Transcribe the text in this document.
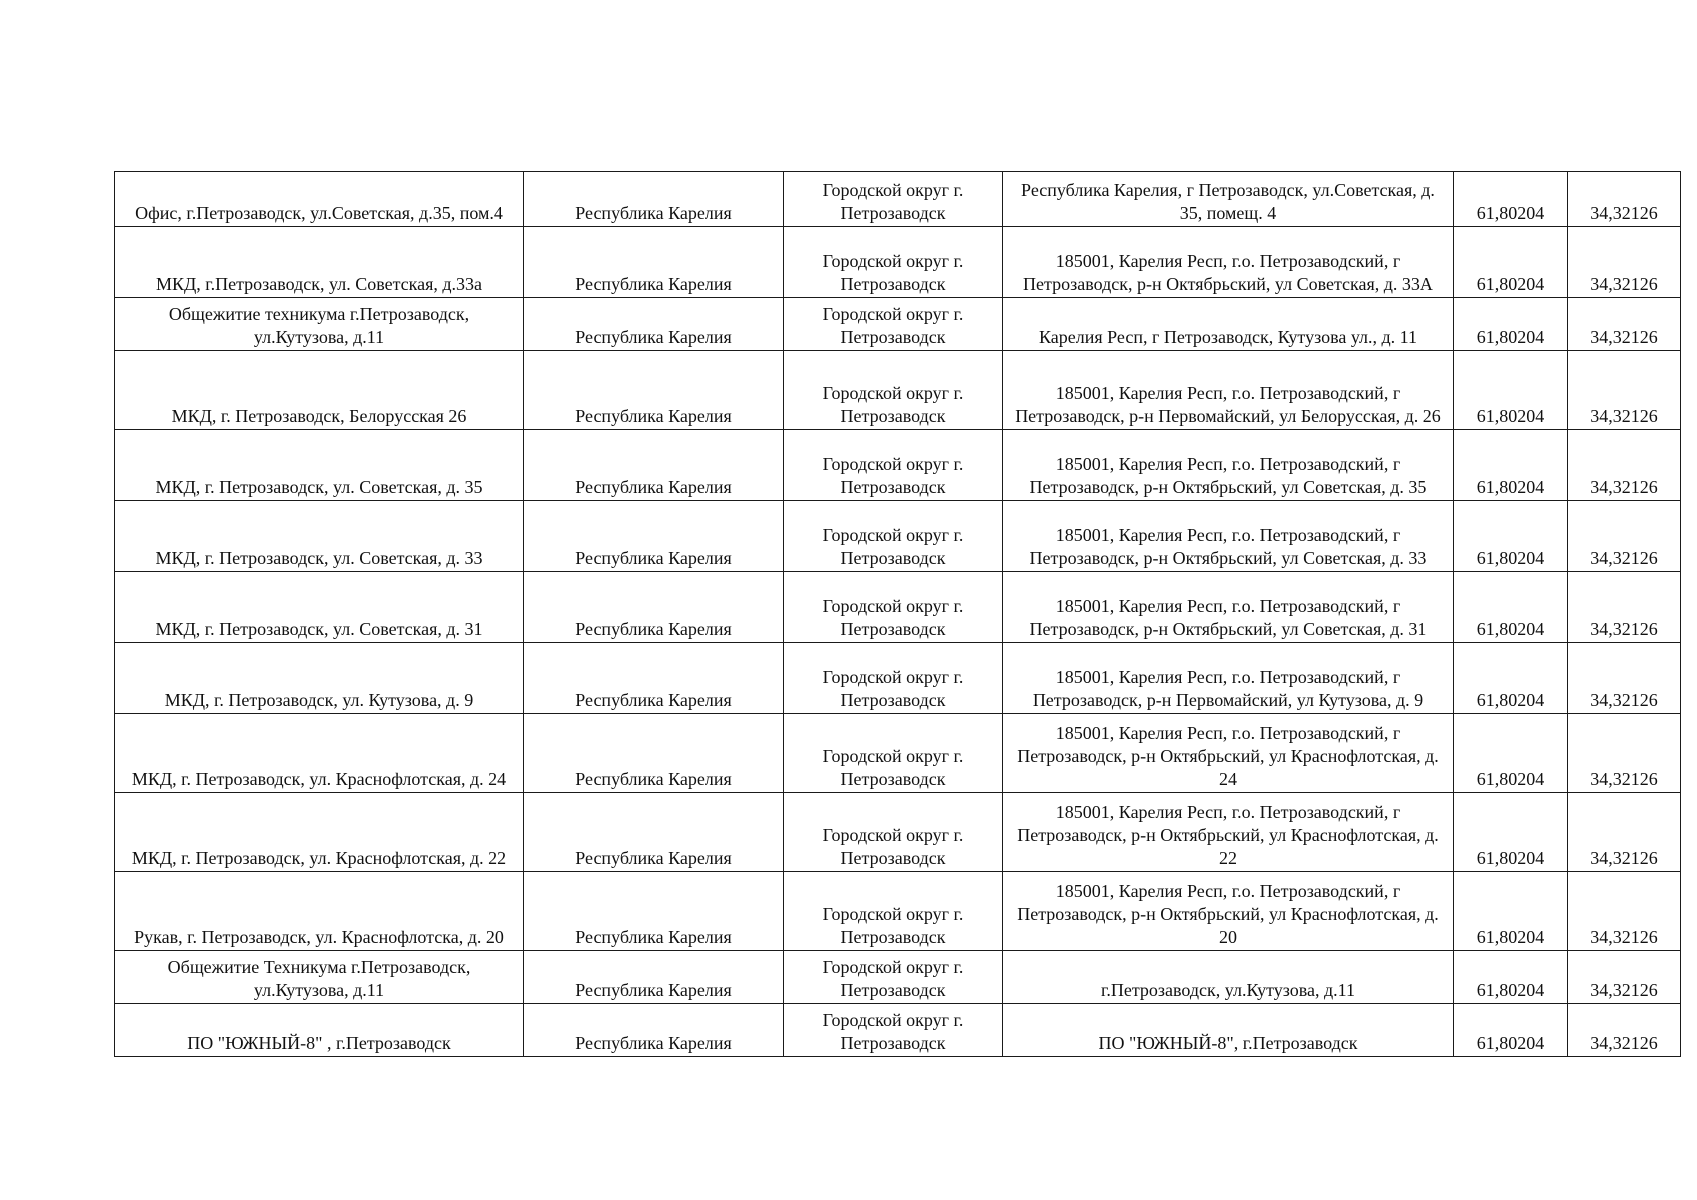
Офис, г.Петрозаводск, ул.Советская, д.35, пом.4	Республика Карелия	Городской округ г. Петрозаводск	Республика Карелия, г Петрозаводск, ул.Советская, д. 35, помещ. 4	61,80204	34,32126
МКД, г.Петрозаводск, ул. Советская, д.33а	Республика Карелия	Городской округ г. Петрозаводск	185001, Карелия Респ, г.о. Петрозаводский, г Петрозаводск, р-н Октябрьский, ул Советская, д. 33А	61,80204	34,32126
Общежитие техникума г.Петрозаводск, ул.Кутузова, д.11	Республика Карелия	Городской округ г. Петрозаводск	Карелия Респ, г Петрозаводск, Кутузова ул., д. 11	61,80204	34,32126
МКД, г. Петрозаводск, Белорусская 26	Республика Карелия	Городской округ г. Петрозаводск	185001, Карелия Респ, г.о. Петрозаводский, г Петрозаводск, р-н Первомайский, ул Белорусская, д. 26	61,80204	34,32126
МКД, г. Петрозаводск, ул. Советская, д. 35	Республика Карелия	Городской округ г. Петрозаводск	185001, Карелия Респ, г.о. Петрозаводский, г Петрозаводск, р-н Октябрьский, ул Советская, д. 35	61,80204	34,32126
МКД, г. Петрозаводск, ул. Советская, д. 33	Республика Карелия	Городской округ г. Петрозаводск	185001, Карелия Респ, г.о. Петрозаводский, г Петрозаводск, р-н Октябрьский, ул Советская, д. 33	61,80204	34,32126
МКД, г. Петрозаводск, ул. Советская, д. 31	Республика Карелия	Городской округ г. Петрозаводск	185001, Карелия Респ, г.о. Петрозаводский, г Петрозаводск, р-н Октябрьский, ул Советская, д. 31	61,80204	34,32126
МКД, г. Петрозаводск, ул. Кутузова, д. 9	Республика Карелия	Городской округ г. Петрозаводск	185001, Карелия Респ, г.о. Петрозаводский, г Петрозаводск, р-н Первомайский, ул Кутузова, д. 9	61,80204	34,32126
МКД, г. Петрозаводск, ул. Краснофлотская, д. 24	Республика Карелия	Городской округ г. Петрозаводск	185001, Карелия Респ, г.о. Петрозаводский, г Петрозаводск, р-н Октябрьский, ул Краснофлотская, д. 24	61,80204	34,32126
МКД, г. Петрозаводск, ул. Краснофлотская, д. 22	Республика Карелия	Городской округ г. Петрозаводск	185001, Карелия Респ, г.о. Петрозаводский, г Петрозаводск, р-н Октябрьский, ул Краснофлотская, д. 22	61,80204	34,32126
Рукав, г. Петрозаводск, ул. Краснофлотска, д. 20	Республика Карелия	Городской округ г. Петрозаводск	185001, Карелия Респ, г.о. Петрозаводский, г Петрозаводск, р-н Октябрьский, ул Краснофлотская, д. 20	61,80204	34,32126
Общежитие Техникума г.Петрозаводск, ул.Кутузова, д.11	Республика Карелия	Городской округ г. Петрозаводск	г.Петрозаводск, ул.Кутузова, д.11	61,80204	34,32126
ПО "ЮЖНЫЙ-8" , г.Петрозаводск	Республика Карелия	Городской округ г. Петрозаводск	ПО "ЮЖНЫЙ-8", г.Петрозаводск	61,80204	34,32126
